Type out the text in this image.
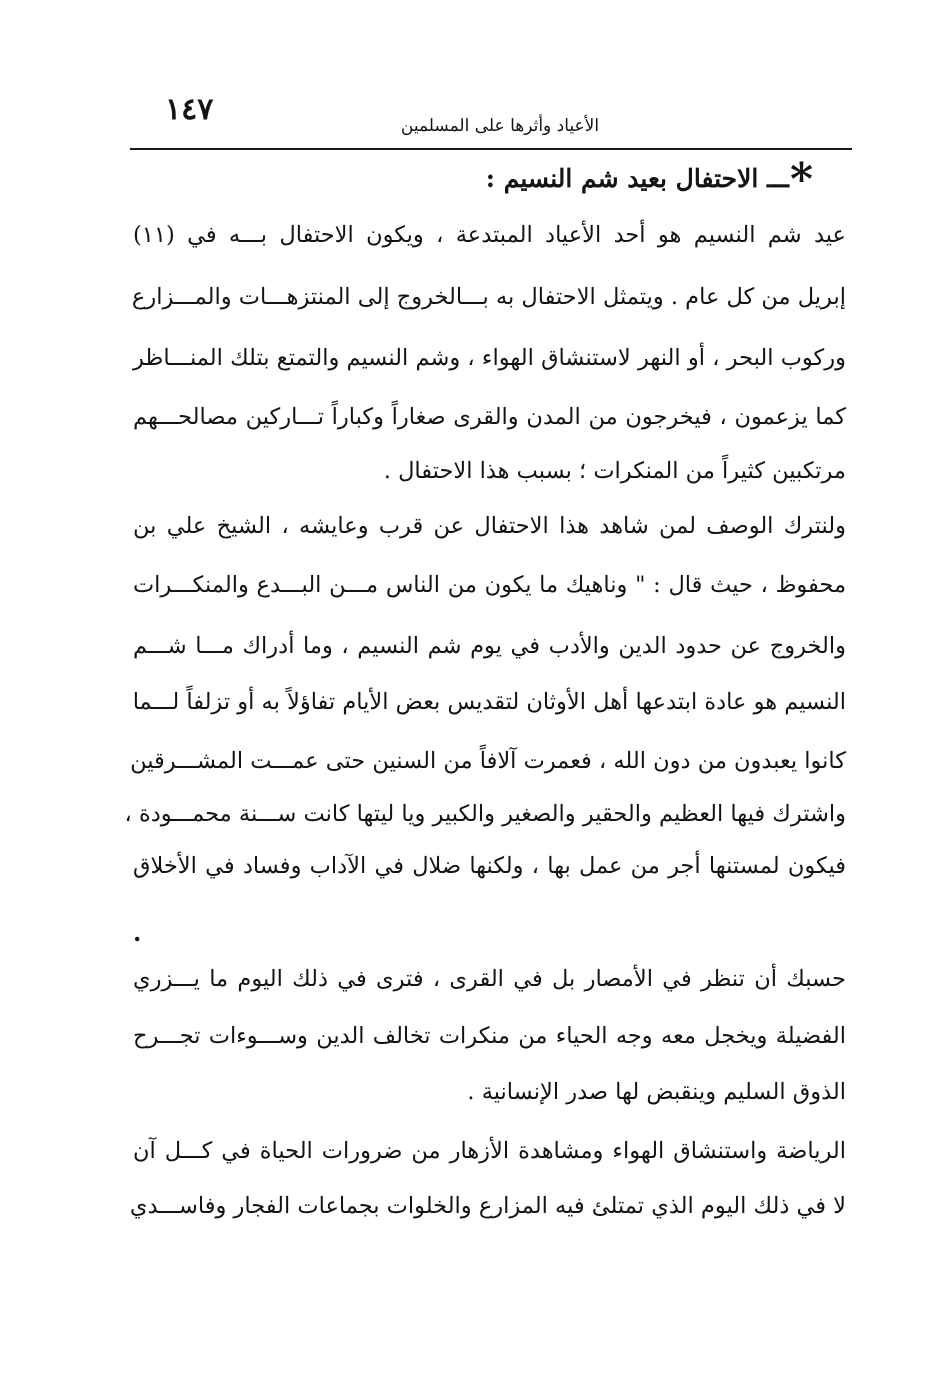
١٤٧	الأعياد وأثرها على المسلمين
*
ـــ الاحتفال بعيد شم النسيم :
عيد شم النسيم هو أحد الأعياد المبتدعة ، ويكون الاحتفال بـــه في (١١)
إبريل من كل عام . ويتمثل الاحتفال به بـــالخروج إلى المنتزهـــات والمـــزارع
وركوب البحر ، أو النهر لاستنشاق الهواء ، وشم النسيم والتمتع بتلك المنـــاظر
كما يزعمون ، فيخرجون من المدن والقرى صغاراً وكباراً تـــاركين مصالحـــهم
مرتكبين كثيراً من المنكرات ؛ بسبب هذا الاحتفال .
ولنترك الوصف لمن شاهد هذا الاحتفال عن قرب وعايشه ، الشيخ علي بن
محفوظ ، حيث قال : " وناهيك ما يكون من الناس مـــن البـــدع والمنكـــرات
والخروج عن حدود الدين والأدب في يوم شم النسيم ، وما أدراك مـــا شـــم
النسيم هو عادة ابتدعها أهل الأوثان لتقديس بعض الأيام تفاؤلاً به أو تزلفاً لـــما
كانوا يعبدون من دون الله ، فعمرت آلافاً من السنين حتى عمـــت المشـــرقين
واشترك فيها العظيم والحقير والصغير والكبير ويا ليتها كانت ســـنة محمـــودة ،
فيكون لمستنها أجر من عمل بها ، ولكنها ضلال في الآداب وفساد في الأخلاق
.
حسبك أن تنظر في الأمصار بل في القرى ، فترى في ذلك اليوم ما يـــزري
الفضيلة ويخجل معه وجه الحياء من منكرات تخالف الدين وســـوءات تجـــرح
الذوق السليم وينقبض لها صدر الإنسانية .
الرياضة واستنشاق الهواء ومشاهدة الأزهار من ضرورات الحياة في كـــل آن
لا في ذلك اليوم الذي تمتلئ فيه المزارع والخلوات بجماعات الفجار وفاســـدي
